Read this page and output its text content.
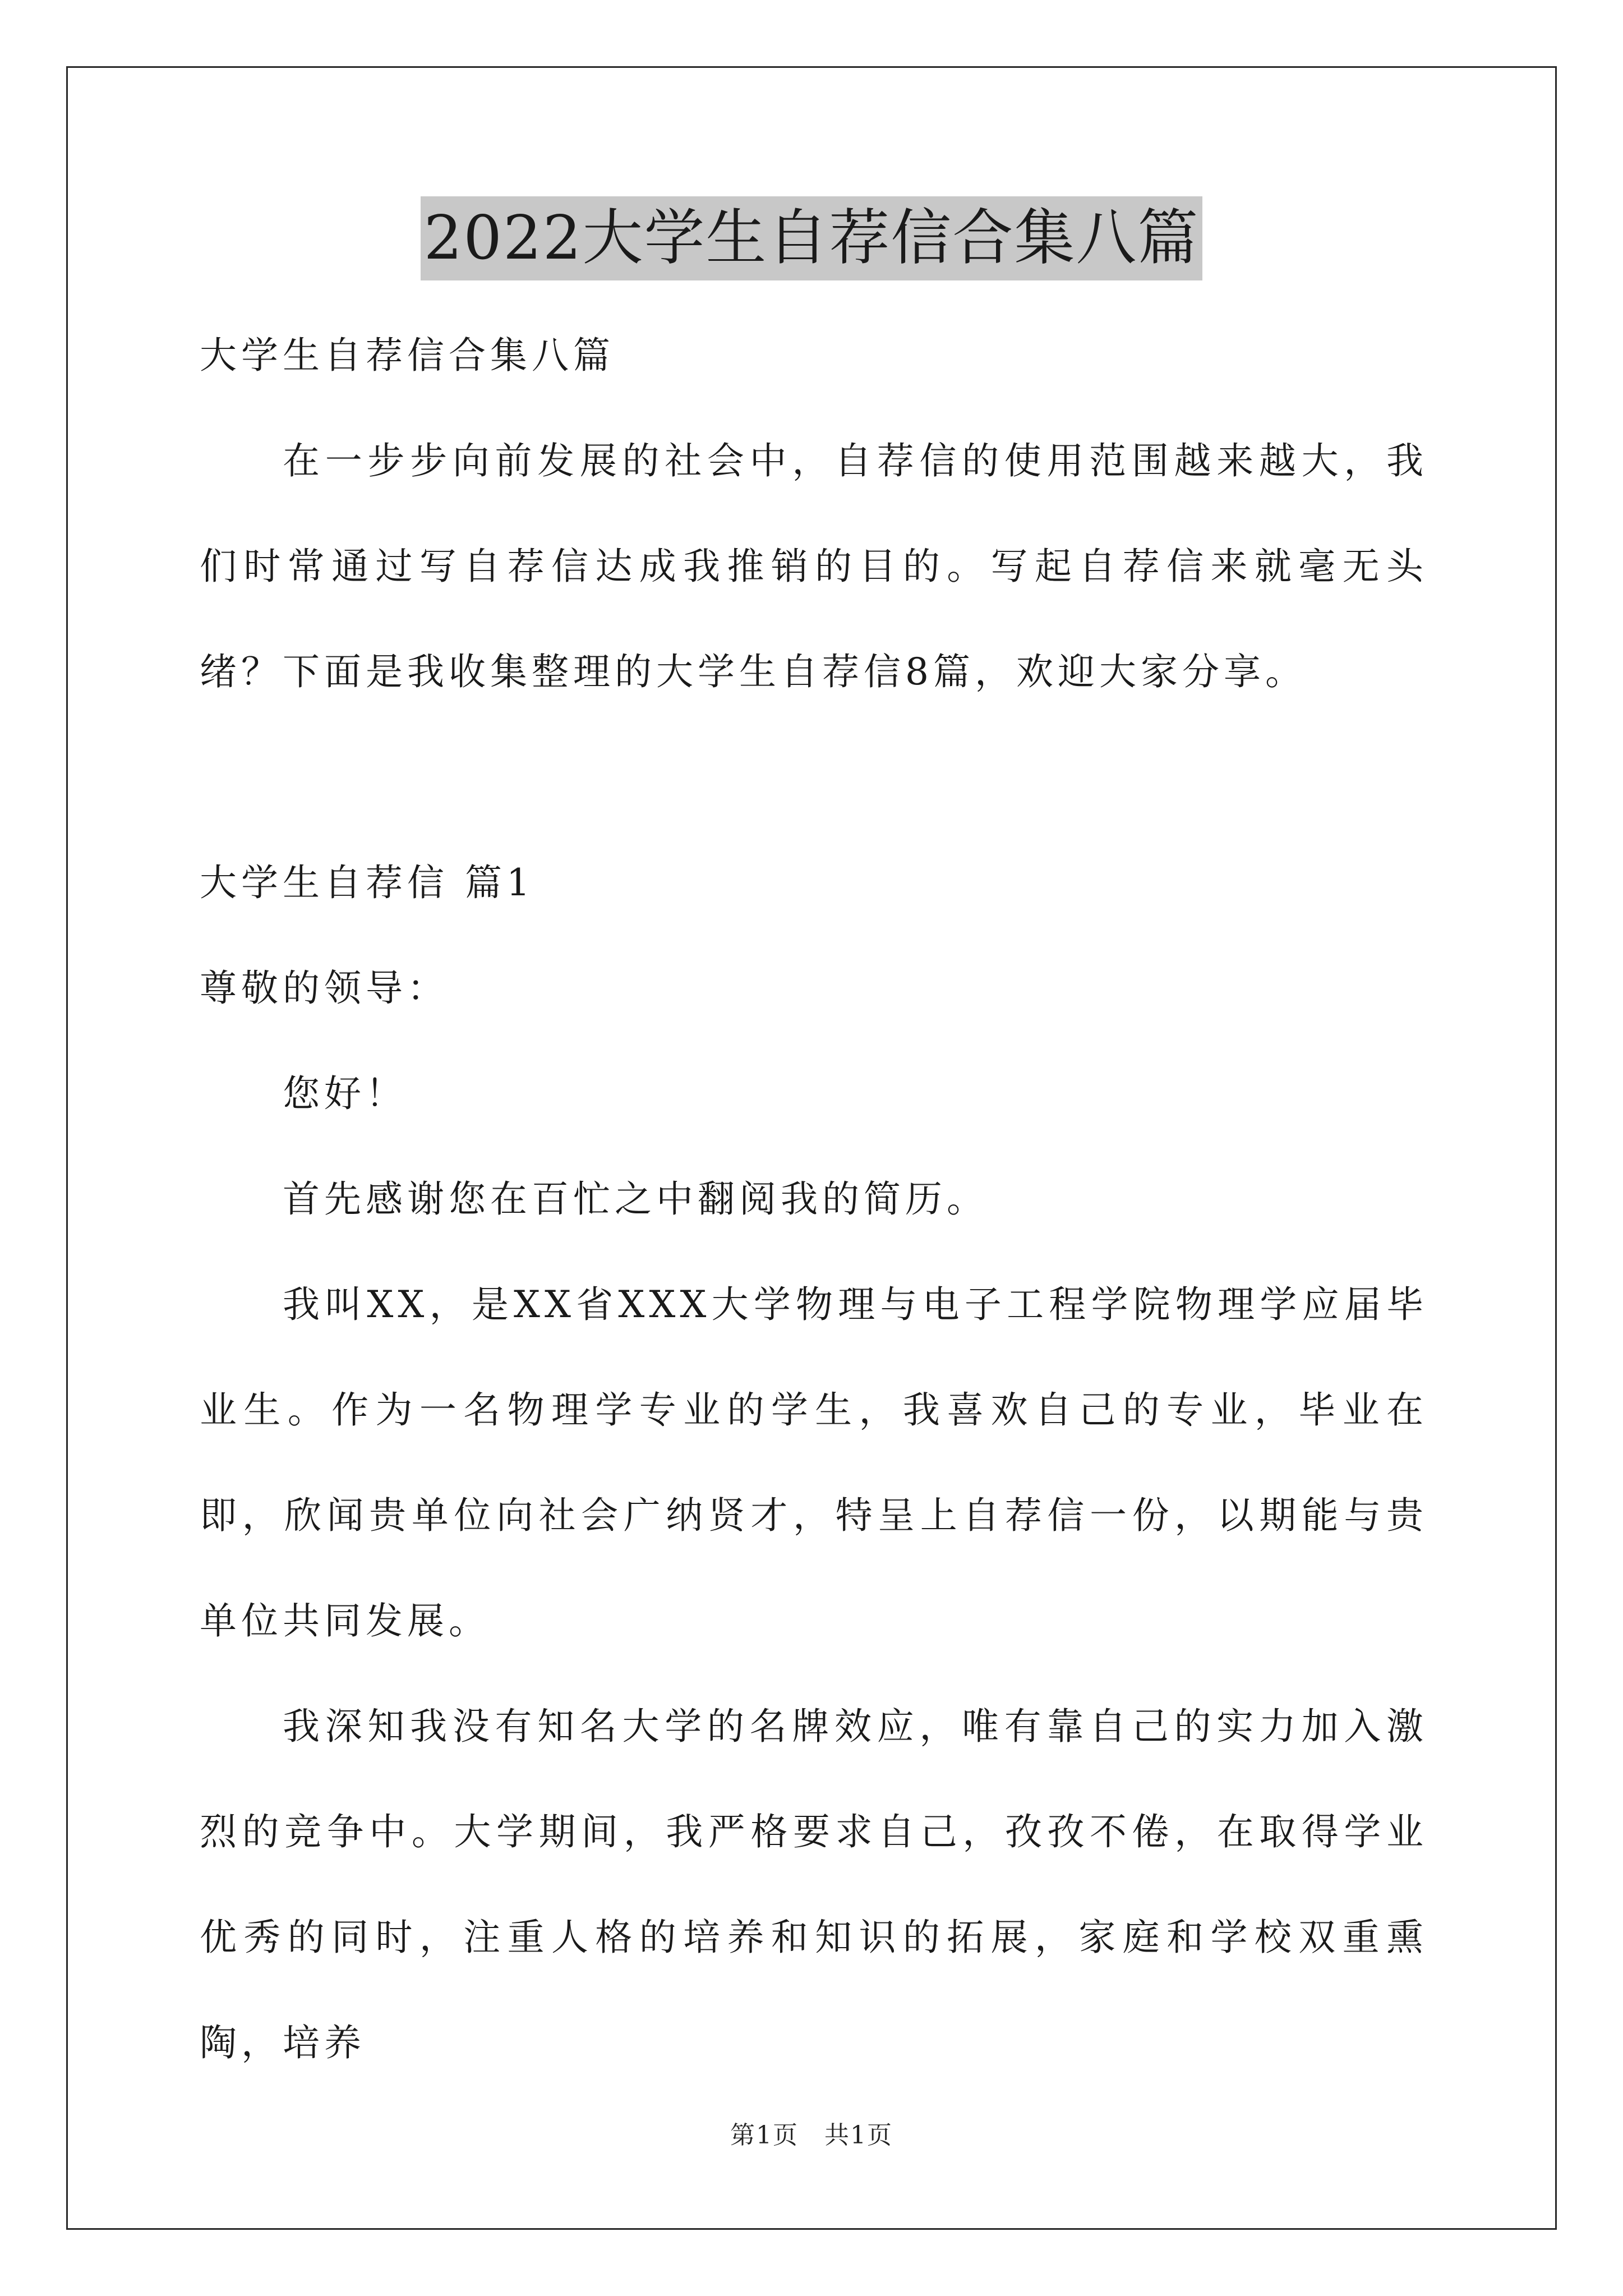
2022大学生自荐信合集八篇

大学生自荐信合集八篇

在一步步向前发展的社会中，自荐信的使用范围越来越大，我们时常通过写自荐信达成我推销的目的。写起自荐信来就毫无头绪？下面是我收集整理的大学生自荐信8篇，欢迎大家分享。

大学生自荐信 篇1

尊敬的领导：

您好！

首先感谢您在百忙之中翻阅我的简历。

我叫XX，是XX省XXX大学物理与电子工程学院物理学应届毕业生。作为一名物理学专业的学生，我喜欢自己的专业，毕业在即，欣闻贵单位向社会广纳贤才，特呈上自荐信一份，以期能与贵单位共同发展。

我深知我没有知名大学的名牌效应，唯有靠自己的实力加入激烈的竞争中。大学期间，我严格要求自己，孜孜不倦，在取得学业优秀的同时，注重人格的培养和知识的拓展，家庭和学校双重熏陶，培养

第1页 共1页
